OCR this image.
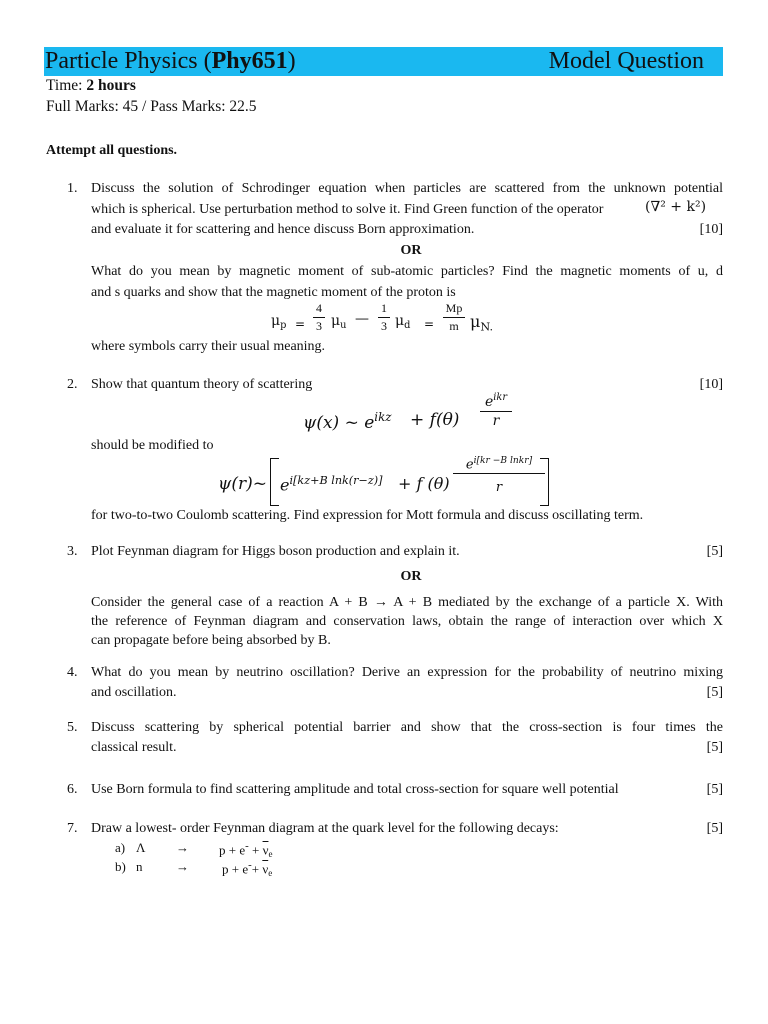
Particle Physics (Phy651)	Model Question
Time: 2 hours
Full Marks: 45 / Pass Marks: 22.5
Attempt all questions.
1. Discuss the solution of Schrodinger equation when particles are scattered from the unknown potential
which is spherical. Use perturbation method to solve it. Find Green function of the operator	(∇² + k²)
and evaluate it for scattering and hence discuss Born approximation.	[10]
OR
What do you mean by magnetic moment of sub-atomic particles? Find the magnetic moments of u, d
and s quarks and show that the magnetic moment of the proton is
$\mu_p$ =
4
3 $\mu_u$ —
1
3 $\mu_d$ =
Mp
m $\mu_{N.}$
where symbols carry their usual meaning.
2. Show that quantum theory of scattering	[10]
ψ(x) ~ $e^{ikz} + f(\theta)$
$e^{ikr}$
r
should be modified to
ψ(r)~ $e^{i[kz+B lnk(r-z)]} + f$ (θ)
$e^{i[kr -B lnkr]}$
r
for two-to-two Coulomb scattering. Find expression for Mott formula and discuss oscillating term.
3. Plot Feynman diagram for Higgs boson production and explain it.	[5]
OR
Consider the general case of a reaction A + B → A + B mediated by the exchange of a particle X. With
the reference of Feynman diagram and conservation laws, obtain the range of interaction over which X
can propagate before being absorbed by B.
4. What do you mean by neutrino oscillation? Derive an expression for the probability of neutrino mixing
and oscillation.	[5]
5. Discuss scattering by spherical potential barrier and show that the cross-section is four times the
classical result.	[5]
6. Use Born formula to find scattering amplitude and total cross-section for square well potential	[5]
7. Draw a lowest- order Feynman diagram at the quark level for the following decays:	[5]
a) $\Lambda \to p + e^- + \overline{\nu}_e$
b) n	→	$p + e^-+ \overline{\nu}_e$
